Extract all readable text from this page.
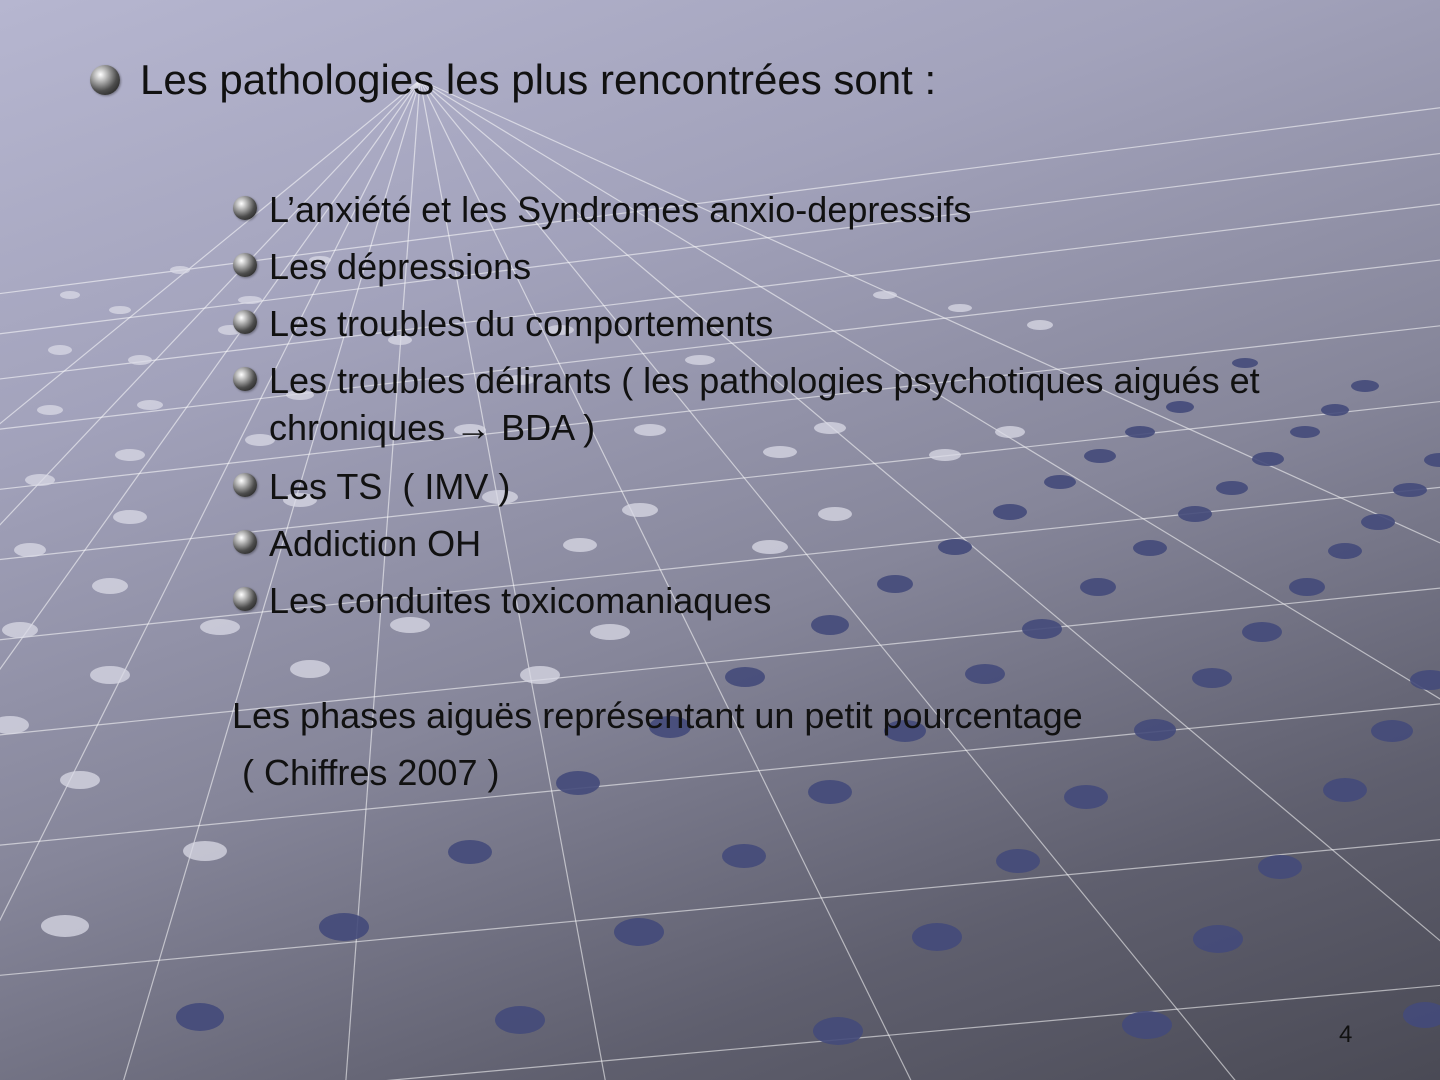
Les pathologies les plus rencontrées sont :
L’anxiété et les Syndromes anxio-depressifs
Les dépressions
Les troubles du comportements
Les troubles délirants ( les pathologies psychotiques aigués et chroniques → BDA )
Les TS  ( IMV )
Addiction OH
Les conduites toxicomaniaques
Les phases aiguës représentant un petit pourcentage
( Chiffres 2007 )
4
